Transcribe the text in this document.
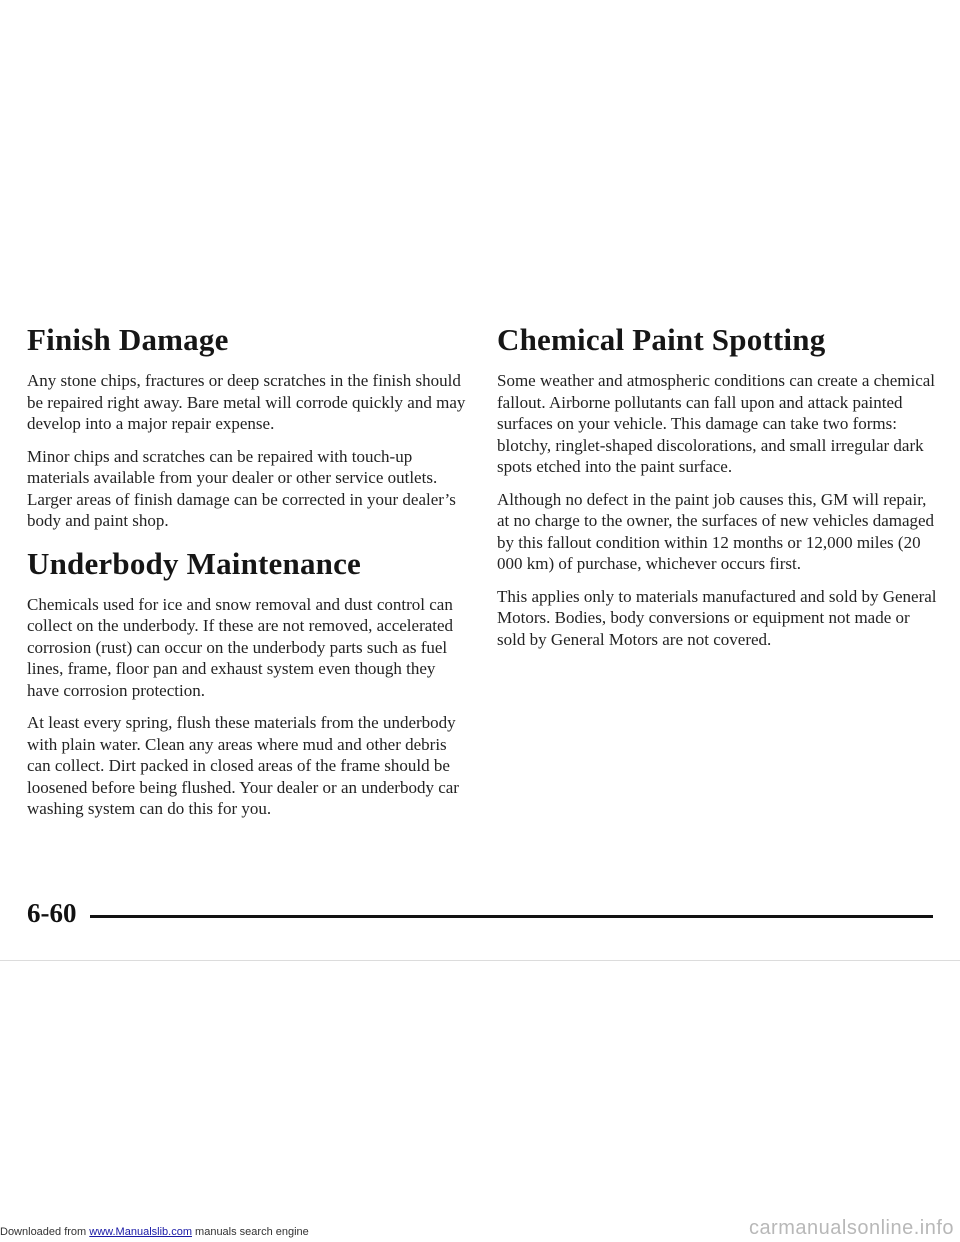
Finish Damage

Any stone chips, fractures or deep scratches in the finish should be repaired right away. Bare metal will corrode quickly and may develop into a major repair expense.

Minor chips and scratches can be repaired with touch-up materials available from your dealer or other service outlets. Larger areas of finish damage can be corrected in your dealer’s body and paint shop.

Underbody Maintenance

Chemicals used for ice and snow removal and dust control can collect on the underbody. If these are not removed, accelerated corrosion (rust) can occur on the underbody parts such as fuel lines, frame, floor pan and exhaust system even though they have corrosion protection.

At least every spring, flush these materials from the underbody with plain water. Clean any areas where mud and other debris can collect. Dirt packed in closed areas of the frame should be loosened before being flushed. Your dealer or an underbody car washing system can do this for you.

Chemical Paint Spotting

Some weather and atmospheric conditions can create a chemical fallout. Airborne pollutants can fall upon and attack painted surfaces on your vehicle. This damage can take two forms: blotchy, ringlet-shaped discolorations, and small irregular dark spots etched into the paint surface.

Although no defect in the paint job causes this, GM will repair, at no charge to the owner, the surfaces of new vehicles damaged by this fallout condition within 12 months or 12,000 miles (20 000 km) of purchase, whichever occurs first.

This applies only to materials manufactured and sold by General Motors. Bodies, body conversions or equipment not made or sold by General Motors are not covered.

6-60
Downloaded from www.Manualslib.com manuals search engine	carmanualsonline.info
